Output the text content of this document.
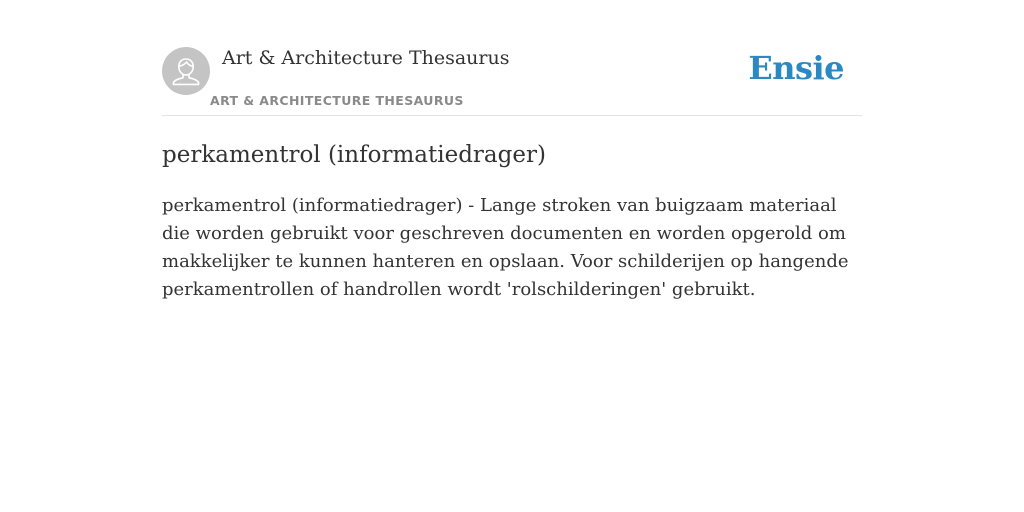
Art & Architecture Thesaurus
ART & ARCHITECTURE THESAURUS
Ensie
perkamentrol (informatiedrager)

perkamentrol (informatiedrager) - Lange stroken van buigzaam materiaal die worden gebruikt voor geschreven documenten en worden opgerold om makkelijker te kunnen hanteren en opslaan. Voor schilderijen op hangende perkamentrollen of handrollen wordt 'rolschilderingen' gebruikt.
